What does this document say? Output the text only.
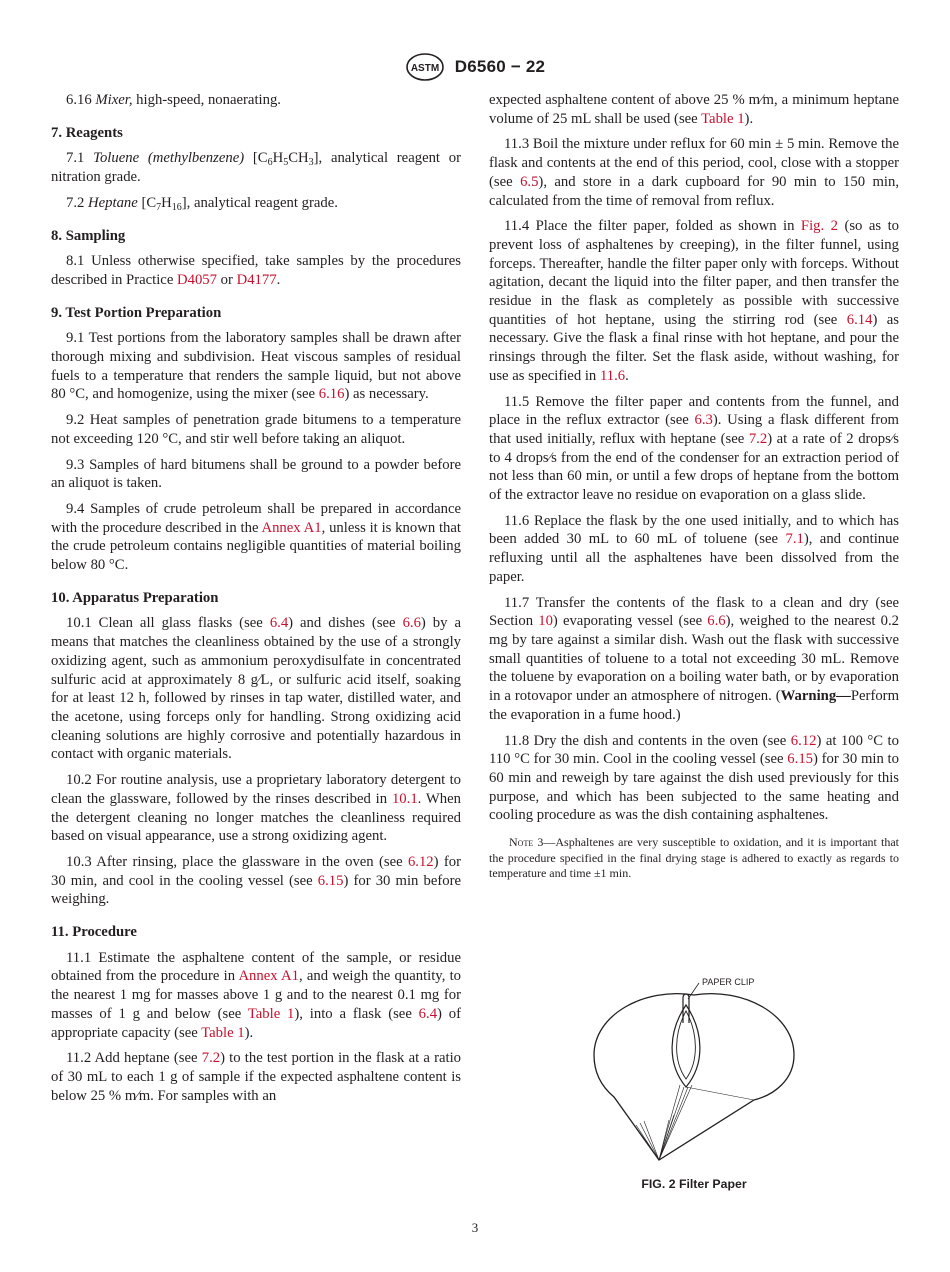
ASTM D6560 − 22

6.16 Mixer, high-speed, nonaerating.

7. Reagents

7.1 Toluene (methylbenzene) $[C_6H_5CH_3]$, analytical reagent or nitration grade.

7.2 Heptane $[C_7H_{16}]$, analytical reagent grade.

8. Sampling

8.1 Unless otherwise specified, take samples by the procedures described in Practice D4057 or D4177.

9. Test Portion Preparation

9.1 Test portions from the laboratory samples shall be drawn after thorough mixing and subdivision. Heat viscous samples of residual fuels to a temperature that renders the sample liquid, but not above 80 °C, and homogenize, using the mixer (see 6.16) as necessary.

9.2 Heat samples of penetration grade bitumens to a temperature not exceeding 120 °C, and stir well before taking an aliquot.

9.3 Samples of hard bitumens shall be ground to a powder before an aliquot is taken.

9.4 Samples of crude petroleum shall be prepared in accordance with the procedure described in the Annex A1, unless it is known that the crude petroleum contains negligible quantities of material boiling below 80 °C.

10. Apparatus Preparation

10.1 Clean all glass flasks (see 6.4) and dishes (see 6.6) by a means that matches the cleanliness obtained by the use of a strongly oxidizing agent, such as ammonium peroxydisulfate in concentrated sulfuric acid at approximately 8 g⁄L, or sulfuric acid itself, soaking for at least 12 h, followed by rinses in tap water, distilled water, and the acetone, using forceps only for handling. Strong oxidizing acid cleaning solutions are highly corrosive and potentially hazardous in contact with organic materials.

10.2 For routine analysis, use a proprietary laboratory detergent to clean the glassware, followed by the rinses described in 10.1. When the detergent cleaning no longer matches the cleanliness required based on visual appearance, use a strong oxidizing agent.

10.3 After rinsing, place the glassware in the oven (see 6.12) for 30 min, and cool in the cooling vessel (see 6.15) for 30 min before weighing.

11. Procedure

11.1 Estimate the asphaltene content of the sample, or residue obtained from the procedure in Annex A1, and weigh the quantity, to the nearest 1 mg for masses above 1 g and to the nearest 0.1 mg for masses of 1 g and below (see Table 1), into a flask (see 6.4) of appropriate capacity (see Table 1).

11.2 Add heptane (see 7.2) to the test portion in the flask at a ratio of 30 mL to each 1 g of sample if the expected asphaltene content is below 25 % m⁄m. For samples with an

expected asphaltene content of above 25 % m⁄m, a minimum heptane volume of 25 mL shall be used (see Table 1).

11.3 Boil the mixture under reflux for 60 min ± 5 min. Remove the flask and contents at the end of this period, cool, close with a stopper (see 6.5), and store in a dark cupboard for 90 min to 150 min, calculated from the time of removal from reflux.

11.4 Place the filter paper, folded as shown in Fig. 2 (so as to prevent loss of asphaltenes by creeping), in the filter funnel, using forceps. Thereafter, handle the filter paper only with forceps. Without agitation, decant the liquid into the filter paper, and then transfer the residue in the flask as completely as possible with successive quantities of hot heptane, using the stirring rod (see 6.14) as necessary. Give the flask a final rinse with hot heptane, and pour the rinsings through the filter. Set the flask aside, without washing, for use as specified in 11.6.

11.5 Remove the filter paper and contents from the funnel, and place in the reflux extractor (see 6.3). Using a flask different from that used initially, reflux with heptane (see 7.2) at a rate of 2 drops⁄s to 4 drops⁄s from the end of the condenser for an extraction period of not less than 60 min, or until a few drops of heptane from the bottom of the extractor leave no residue on evaporation on a glass slide.

11.6 Replace the flask by the one used initially, and to which has been added 30 mL to 60 mL of toluene (see 7.1), and continue refluxing until all the asphaltenes have been dissolved from the paper.

11.7 Transfer the contents of the flask to a clean and dry (see Section 10) evaporating vessel (see 6.6), weighed to the nearest 0.2 mg by tare against a similar dish. Wash out the flask with successive small quantities of toluene to a total not exceeding 30 mL. Remove the toluene by evaporation on a boiling water bath, or by evaporation in a rotovapor under an atmosphere of nitrogen. (Warning—Perform the evaporation in a fume hood.)

11.8 Dry the dish and contents in the oven (see 6.12) at 100 °C to 110 °C for 30 min. Cool in the cooling vessel (see 6.15) for 30 min to 60 min and reweigh by tare against the dish used previously for this purpose, and which has been subjected to the same heating and cooling procedure as was the dish containing asphaltenes.

Note 3—Asphaltenes are very susceptible to oxidation, and it is important that the procedure specified in the final drying stage is adhered to exactly as regards to temperature and time ±1 min.

PAPER CLIP
FIG. 2 Filter Paper
3
